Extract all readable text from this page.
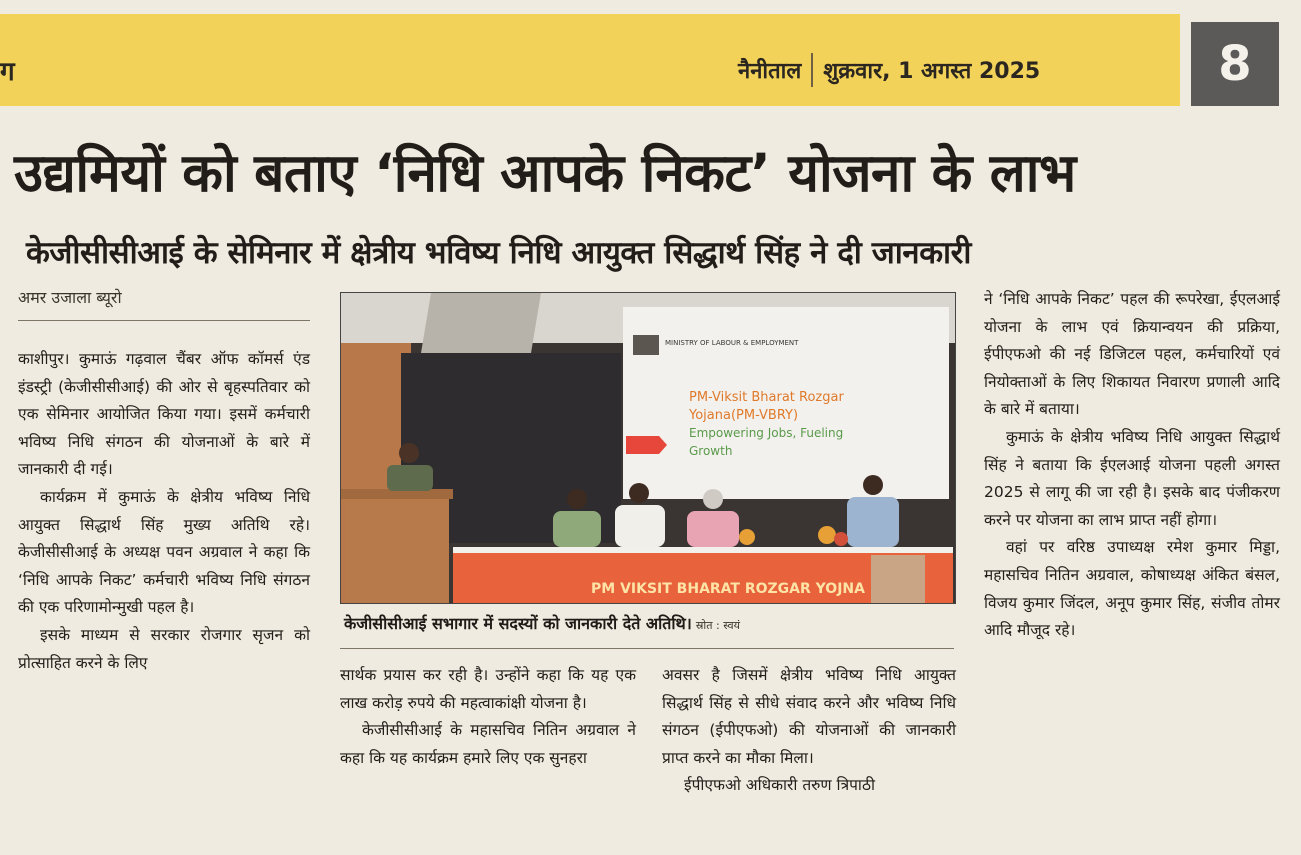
ग	नैनीताल शुक्रवार, 1 अगस्त 2025	8
उद्यमियों को बताए ‘निधि आपके निकट’ योजना के लाभ
केजीसीसीआई के सेमिनार में क्षेत्रीय भविष्य निधि आयुक्त सिद्धार्थ सिंह ने दी जानकारी
अमर उजाला ब्यूरो

काशीपुर। कुमाऊं गढ़वाल चैंबर ऑफ कॉमर्स एंड इंडस्ट्री (केजीसीसीआई) की ओर से बृहस्पतिवार को एक सेमिनार आयोजित किया गया। इसमें कर्मचारी भविष्य निधि संगठन की योजनाओं के बारे में जानकारी दी गई।

कार्यक्रम में कुमाऊं के क्षेत्रीय भविष्य निधि आयुक्त सिद्धार्थ सिंह मुख्य अतिथि रहे। केजीसीसीआई के अध्यक्ष पवन अग्रवाल ने कहा कि ‘निधि आपके निकट’ कर्मचारी भविष्य निधि संगठन की एक परिणामोन्मुखी पहल है।

इसके माध्यम से सरकार रोजगार सृजन को प्रोत्साहित करने के लिए

MINISTRY OF LABOUR & EMPLOYMENT
PM-Viksit Bharat Rozgar
Yojana(PM-VBRY)
Empowering Jobs, Fueling
Growth
PM VIKSIT BHARAT ROZGAR YOJNA
केजीसीसीआई सभागार में सदस्यों को जानकारी देते अतिथि। स्रोत : स्वयं

सार्थक प्रयास कर रही है। उन्होंने कहा कि यह एक लाख करोड़ रुपये की महत्वाकांक्षी योजना है।

केजीसीसीआई के महासचिव नितिन अग्रवाल ने कहा कि यह कार्यक्रम हमारे लिए एक सुनहरा

अवसर है जिसमें क्षेत्रीय भविष्य निधि आयुक्त सिद्धार्थ सिंह से सीधे संवाद करने और भविष्य निधि संगठन (ईपीएफओ) की योजनाओं की जानकारी प्राप्त करने का मौका मिला।

ईपीएफओ अधिकारी तरुण त्रिपाठी

ने ‘निधि आपके निकट’ पहल की रूपरेखा, ईएलआई योजना के लाभ एवं क्रियान्वयन की प्रक्रिया, ईपीएफओ की नई डिजिटल पहल, कर्मचारियों एवं नियोक्ताओं के लिए शिकायत निवारण प्रणाली आदि के बारे में बताया।

कुमाऊं के क्षेत्रीय भविष्य निधि आयुक्त सिद्धार्थ सिंह ने बताया कि ईएलआई योजना पहली अगस्त 2025 से लागू की जा रही है। इसके बाद पंजीकरण करने पर योजना का लाभ प्राप्त नहीं होगा।

वहां पर वरिष्ठ उपाध्यक्ष रमेश कुमार मिड्डा, महासचिव नितिन अग्रवाल, कोषाध्यक्ष अंकित बंसल, विजय कुमार जिंदल, अनूप कुमार सिंह, संजीव तोमर आदि मौजूद रहे।
